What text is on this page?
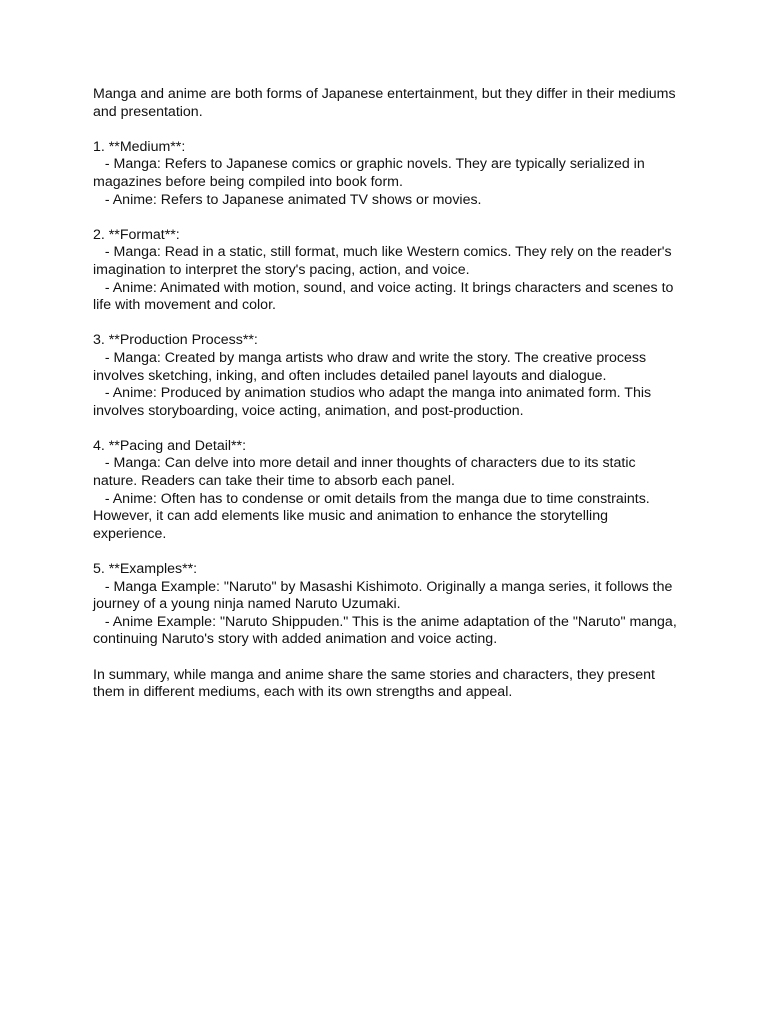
Manga and anime are both forms of Japanese entertainment, but they differ in their mediums and presentation.

1. **Medium**:

- Manga: Refers to Japanese comics or graphic novels. They are typically serialized in magazines before being compiled into book form.

- Anime: Refers to Japanese animated TV shows or movies.

2. **Format**:

- Manga: Read in a static, still format, much like Western comics. They rely on the reader's imagination to interpret the story's pacing, action, and voice.

- Anime: Animated with motion, sound, and voice acting. It brings characters and scenes to life with movement and color.

3. **Production Process**:

- Manga: Created by manga artists who draw and write the story. The creative process involves sketching, inking, and often includes detailed panel layouts and dialogue.

- Anime: Produced by animation studios who adapt the manga into animated form. This involves storyboarding, voice acting, animation, and post-production.

4. **Pacing and Detail**:

- Manga: Can delve into more detail and inner thoughts of characters due to its static nature. Readers can take their time to absorb each panel.

- Anime: Often has to condense or omit details from the manga due to time constraints. However, it can add elements like music and animation to enhance the storytelling experience.

5. **Examples**:

- Manga Example: "Naruto" by Masashi Kishimoto. Originally a manga series, it follows the journey of a young ninja named Naruto Uzumaki.

- Anime Example: "Naruto Shippuden." This is the anime adaptation of the "Naruto" manga, continuing Naruto's story with added animation and voice acting.

In summary, while manga and anime share the same stories and characters, they present them in different mediums, each with its own strengths and appeal.
